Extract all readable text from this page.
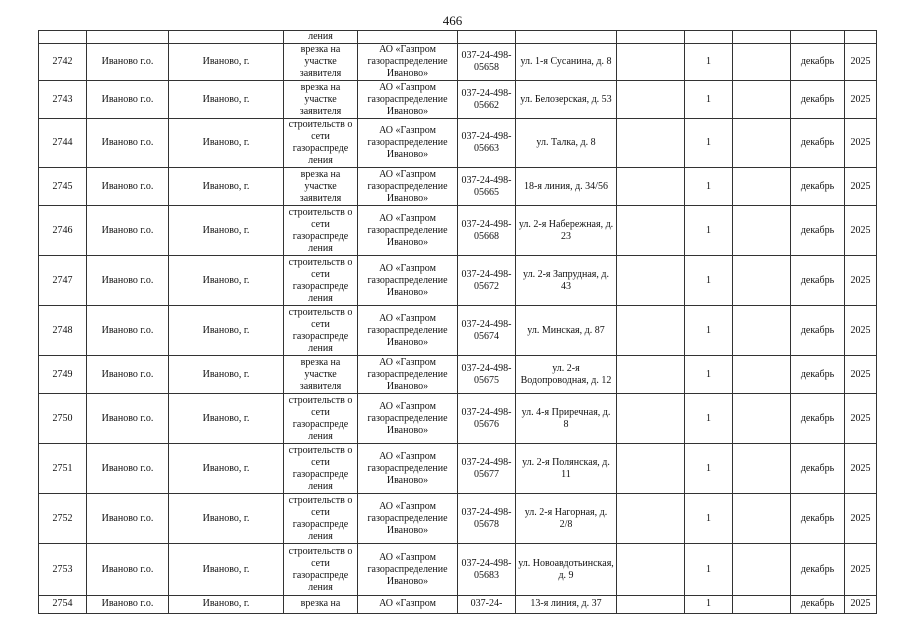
466
			ления								
2742	Иваново г.о.	Иваново, г.	врезка на участке заявителя	АО «Газпром газораспределение Иваново»	037-24-498-05658	ул. 1-я Сусанина, д. 8		1		декабрь	2025
2743	Иваново г.о.	Иваново, г.	врезка на участке заявителя	АО «Газпром газораспределение Иваново»	037-24-498-05662	ул. Белозерская, д. 53		1		декабрь	2025
2744	Иваново г.о.	Иваново, г.	строительств о сети газораспреде ления	АО «Газпром газораспределение Иваново»	037-24-498-05663	ул. Талка, д. 8		1		декабрь	2025
2745	Иваново г.о.	Иваново, г.	врезка на участке заявителя	АО «Газпром газораспределение Иваново»	037-24-498-05665	18-я линия, д. 34/56		1		декабрь	2025
2746	Иваново г.о.	Иваново, г.	строительств о сети газораспреде ления	АО «Газпром газораспределение Иваново»	037-24-498-05668	ул. 2-я Набережная, д. 23		1		декабрь	2025
2747	Иваново г.о.	Иваново, г.	строительств о сети газораспреде ления	АО «Газпром газораспределение Иваново»	037-24-498-05672	ул. 2-я Запрудная, д. 43		1		декабрь	2025
2748	Иваново г.о.	Иваново, г.	строительств о сети газораспреде ления	АО «Газпром газораспределение Иваново»	037-24-498-05674	ул. Минская, д. 87		1		декабрь	2025
2749	Иваново г.о.	Иваново, г.	врезка на участке заявителя	АО «Газпром газораспределение Иваново»	037-24-498-05675	ул. 2-я Водопроводная, д. 12		1		декабрь	2025
2750	Иваново г.о.	Иваново, г.	строительств о сети газораспреде ления	АО «Газпром газораспределение Иваново»	037-24-498-05676	ул. 4-я Приречная, д. 8		1		декабрь	2025
2751	Иваново г.о.	Иваново, г.	строительств о сети газораспреде ления	АО «Газпром газораспределение Иваново»	037-24-498-05677	ул. 2-я Полянская, д. 11		1		декабрь	2025
2752	Иваново г.о.	Иваново, г.	строительств о сети газораспреде ления	АО «Газпром газораспределение Иваново»	037-24-498-05678	ул. 2-я Нагорная, д. 2/8		1		декабрь	2025
2753	Иваново г.о.	Иваново, г.	строительств о сети газораспреде ления	АО «Газпром газораспределение Иваново»	037-24-498-05683	ул. Новоавдотьинская, д. 9		1		декабрь	2025
2754	Иваново г.о.	Иваново, г.	врезка на	АО «Газпром	037-24-	13-я линия, д. 37		1		декабрь	2025
